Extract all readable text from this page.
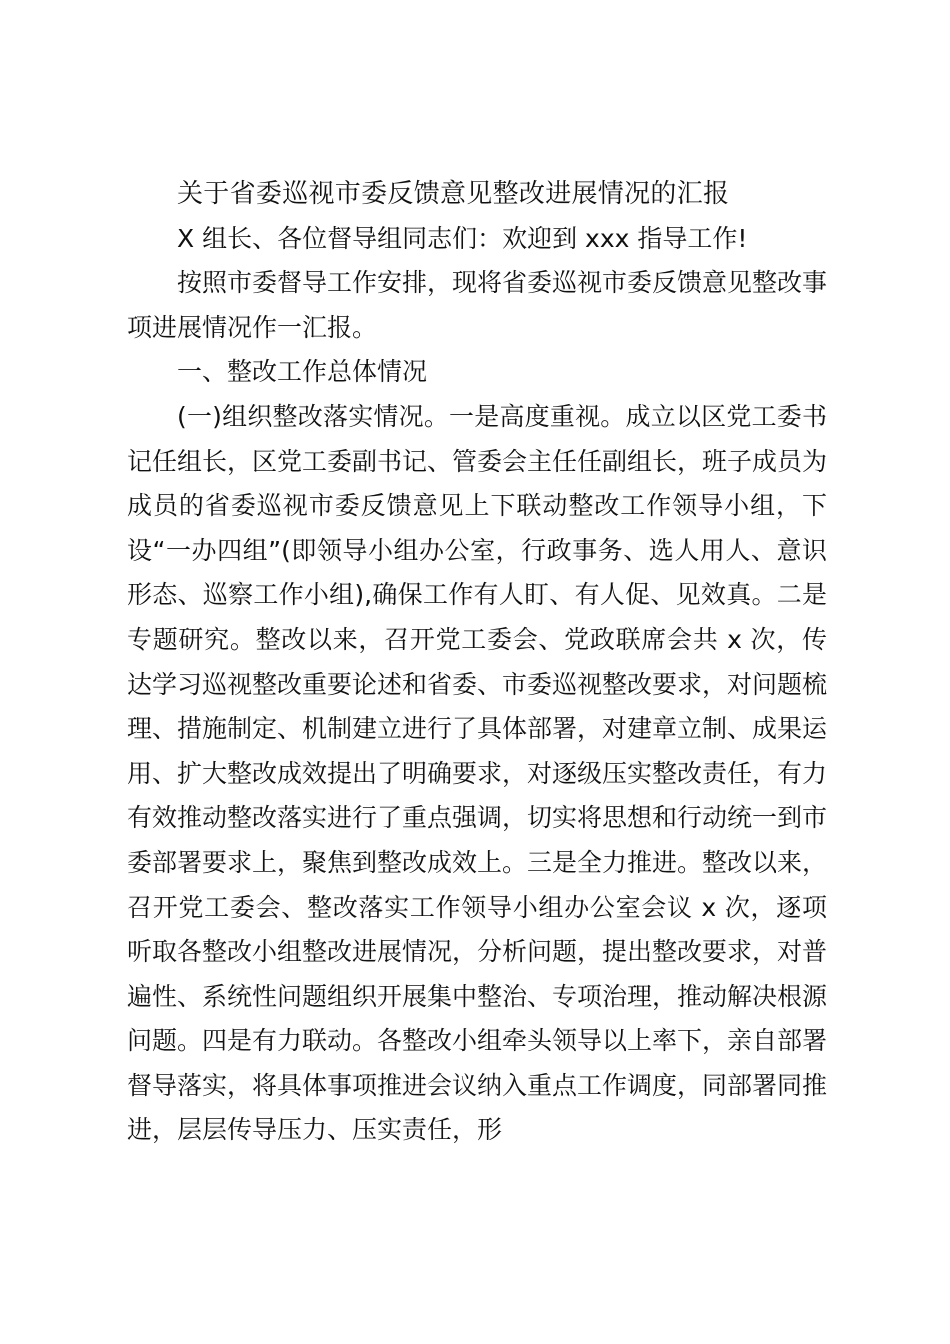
关于省委巡视市委反馈意见整改进展情况的汇报

X 组长、各位督导组同志们：欢迎到 xxx 指导工作!

按照市委督导工作安排，现将省委巡视市委反馈意见整改事项进展情况作一汇报。

一、整改工作总体情况

(一)组织整改落实情况。一是高度重视。成立以区党工委书记任组长，区党工委副书记、管委会主任任副组长，班子成员为成员的省委巡视市委反馈意见上下联动整改工作领导小组，下设“一办四组”(即领导小组办公室，行政事务、选人用人、意识形态、巡察工作小组),确保工作有人盯、有人促、见效真。二是专题研究。整改以来，召开党工委会、党政联席会共 x 次，传达学习巡视整改重要论述和省委、市委巡视整改要求，对问题梳理、措施制定、机制建立进行了具体部署，对建章立制、成果运用、扩大整改成效提出了明确要求，对逐级压实整改责任，有力有效推动整改落实进行了重点强调，切实将思想和行动统一到市委部署要求上，聚焦到整改成效上。三是全力推进。整改以来，召开党工委会、整改落实工作领导小组办公室会议 x 次，逐项听取各整改小组整改进展情况，分析问题，提出整改要求，对普遍性、系统性问题组织开展集中整治、专项治理，推动解决根源问题。四是有力联动。各整改小组牵头领导以上率下，亲自部署督导落实，将具体事项推进会议纳入重点工作调度，同部署同推进，层层传导压力、压实责任，形
